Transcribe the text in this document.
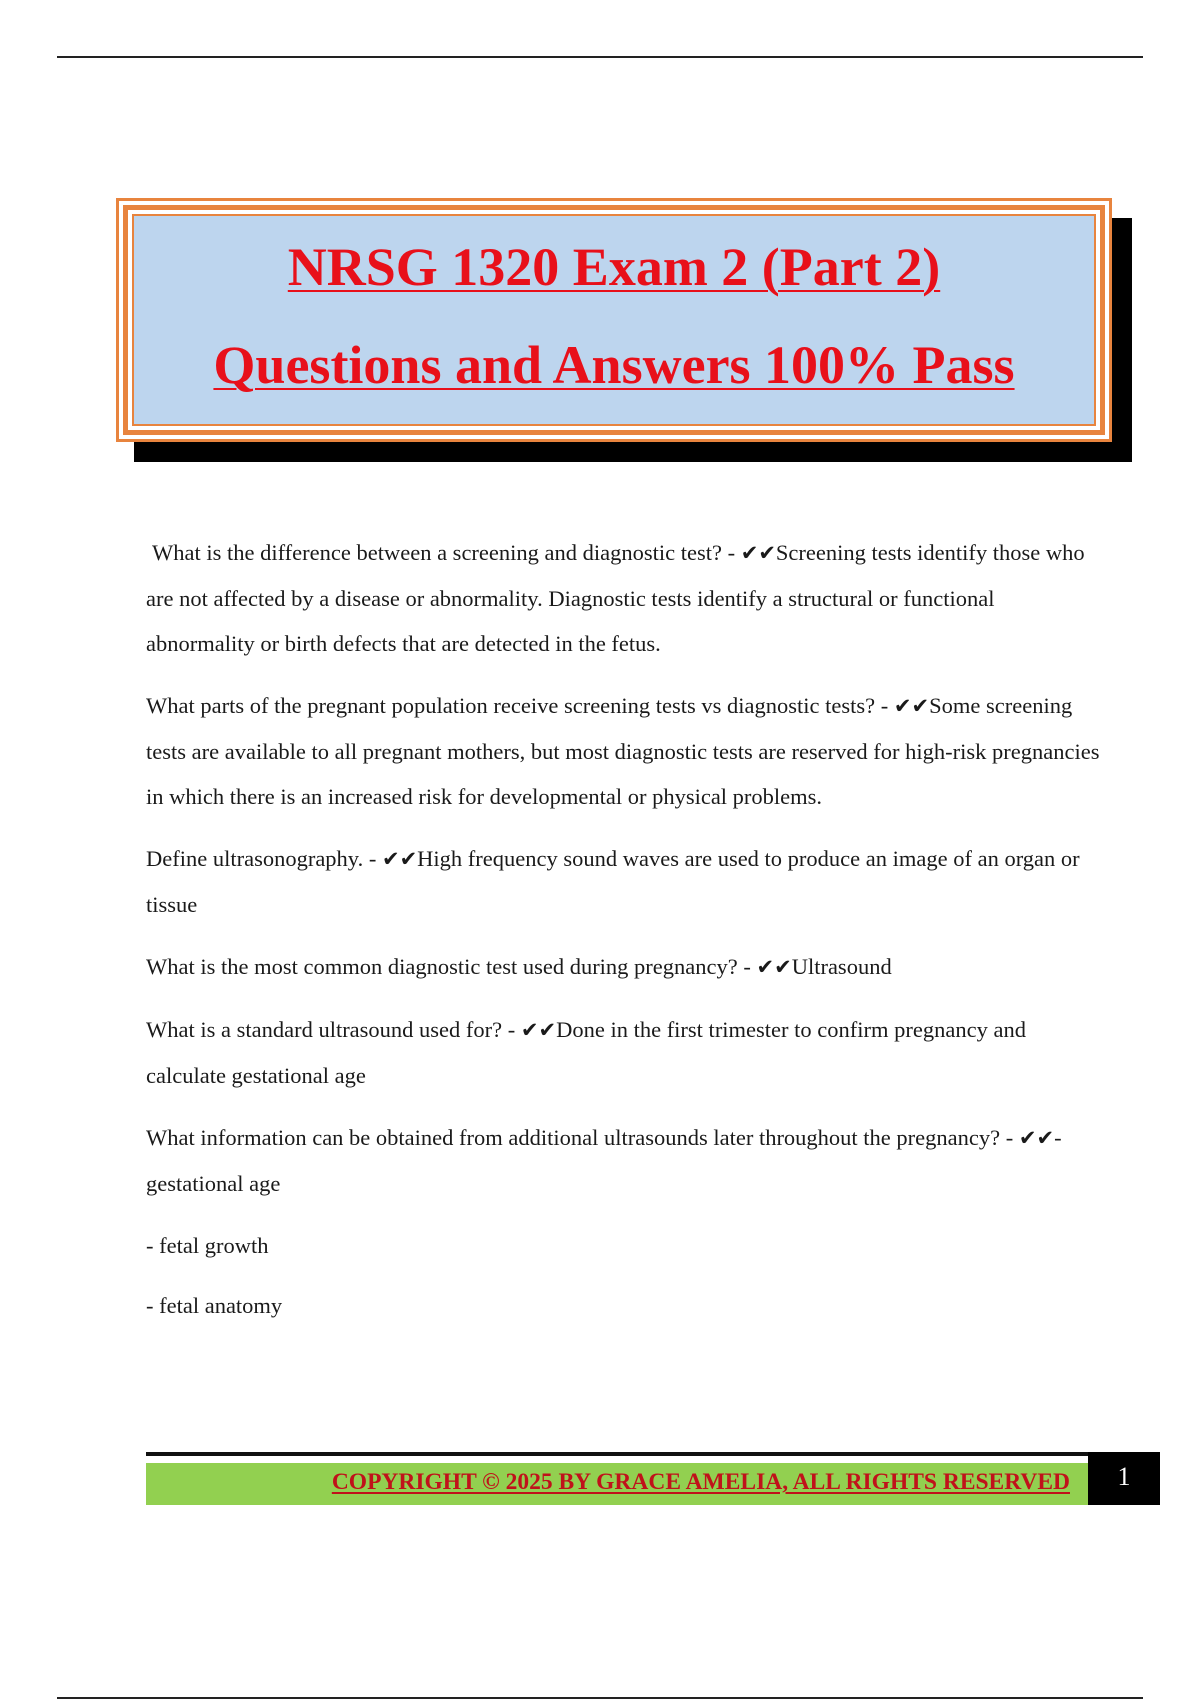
NRSG 1320 Exam 2 (Part 2)
Questions and Answers 100% Pass

What is the difference between a screening and diagnostic test? - ✔✔Screening tests identify those who are not affected by a disease or abnormality. Diagnostic tests identify a structural or functional abnormality or birth defects that are detected in the fetus.

What parts of the pregnant population receive screening tests vs diagnostic tests? - ✔✔Some screening tests are available to all pregnant mothers, but most diagnostic tests are reserved for high-risk pregnancies in which there is an increased risk for developmental or physical problems.

Define ultrasonography. - ✔✔High frequency sound waves are used to produce an image of an organ or tissue

What is the most common diagnostic test used during pregnancy? - ✔✔Ultrasound

What is a standard ultrasound used for? - ✔✔Done in the first trimester to confirm pregnancy and calculate gestational age

What information can be obtained from additional ultrasounds later throughout the pregnancy? - ✔✔- gestational age

- fetal growth

- fetal anatomy

COPYRIGHT © 2025 BY GRACE AMELIA, ALL RIGHTS RESERVED	1
